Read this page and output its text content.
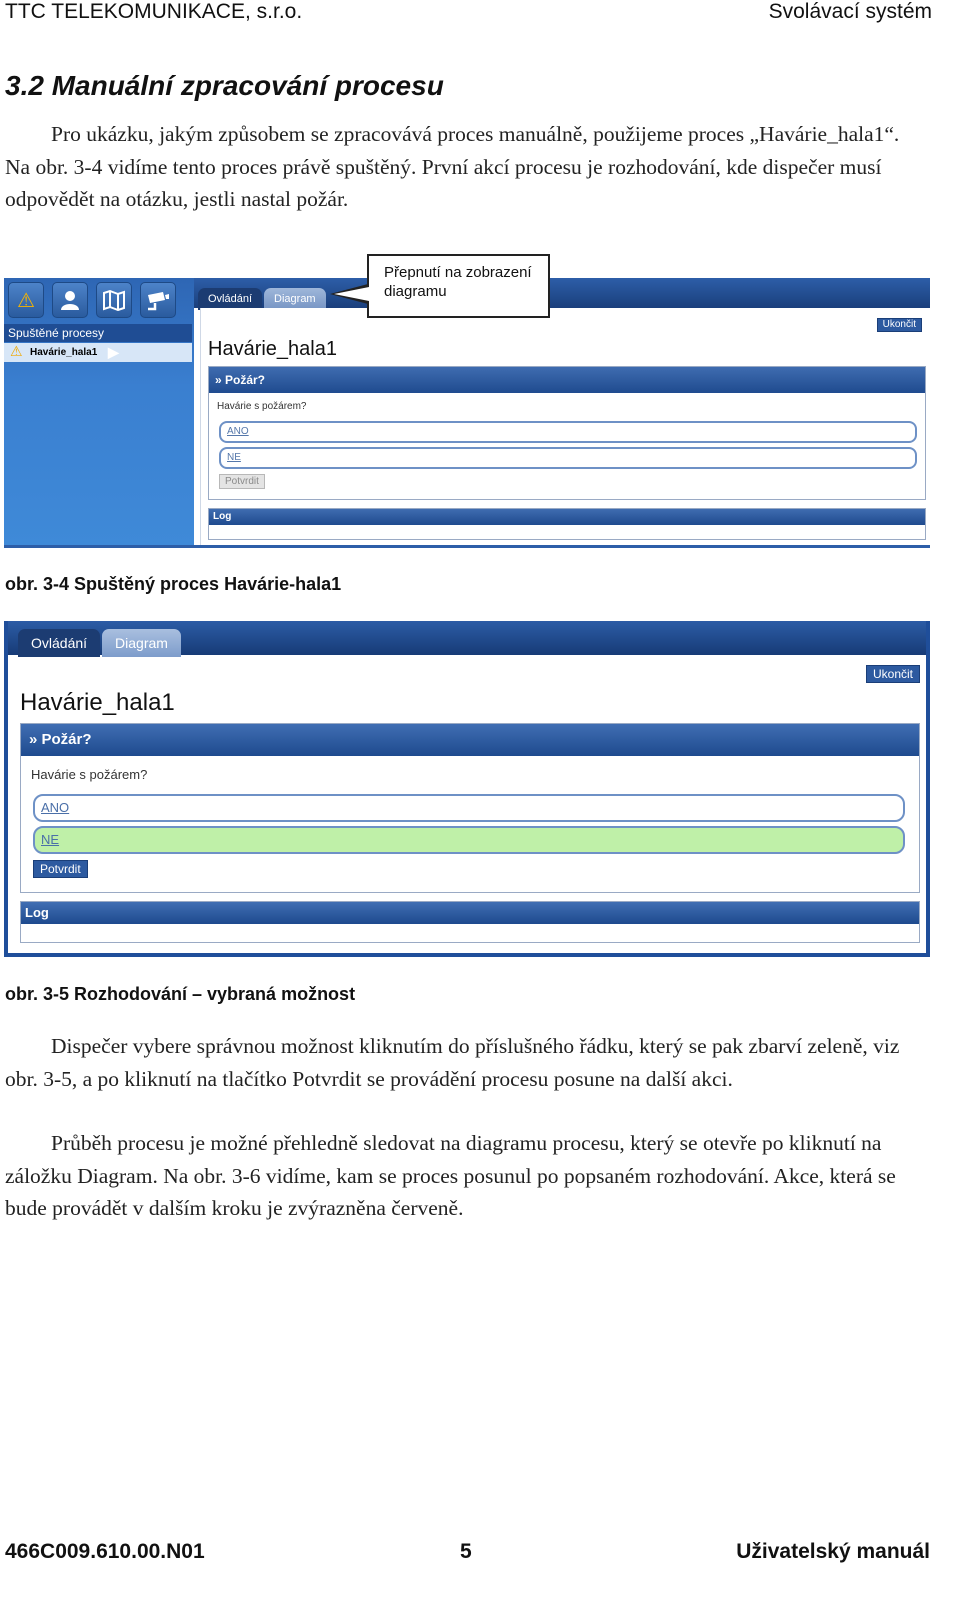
TTC TELEKOMUNIKACE, s.r.o.	Svolávací systém
3.2 Manuální zpracování procesu
Pro ukázku, jakým způsobem se zpracovává proces manuálně, použijeme proces „Havárie_hala1“. Na obr. 3-4 vidíme tento proces právě spuštěný. První akcí procesu je rozhodování, kde dispečer musí odpovědět na otázku, jestli nastal požár.
⚠
Spuštěné procesy
⚠ Havárie_hala1 ▶
Ovládání	Diagram
Ukončit
Havárie_hala1
» Požár?
Havárie s požárem?
ANO
NE
Potvrdit
Log
Přepnutí na zobrazení diagramu
obr. 3-4 Spuštěný proces Havárie-hala1
Ovládání	Diagram
Ukončit
Havárie_hala1
» Požár?
Havárie s požárem?
ANO
NE
Potvrdit
Log
obr. 3-5 Rozhodování – vybraná možnost
Dispečer vybere správnou možnost kliknutím do příslušného řádku, který se pak zbarví zeleně, viz obr. 3-5, a po kliknutí na tlačítko Potvrdit se provádění procesu posune na další akci.
Průběh procesu je možné přehledně sledovat na diagramu procesu, který se otevře po kliknutí na záložku Diagram. Na obr. 3-6 vidíme, kam se proces posunul po popsaném rozhodování. Akce, která se bude provádět v dalším kroku je zvýrazněna červeně.
466C009.610.00.N01	5	Uživatelský manuál
